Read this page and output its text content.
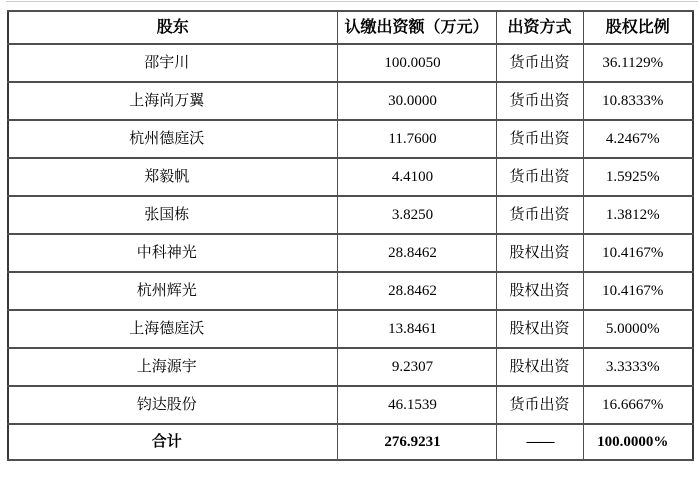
股东	认缴出资额（万元）	出资方式	股权比例
邵宇川	100.0050	货币出资	36.1129%
上海尚万翼	30.0000	货币出资	10.8333%
杭州德庭沃	11.7600	货币出资	4.2467%
郑毅帆	4.4100	货币出资	1.5925%
张国栋	3.8250	货币出资	1.3812%
中科神光	28.8462	股权出资	10.4167%
杭州辉光	28.8462	股权出资	10.4167%
上海德庭沃	13.8461	股权出资	5.0000%
上海源宇	9.2307	股权出资	3.3333%
钧达股份	46.1539	货币出资	16.6667%
合计	276.9231	——	100.0000%
